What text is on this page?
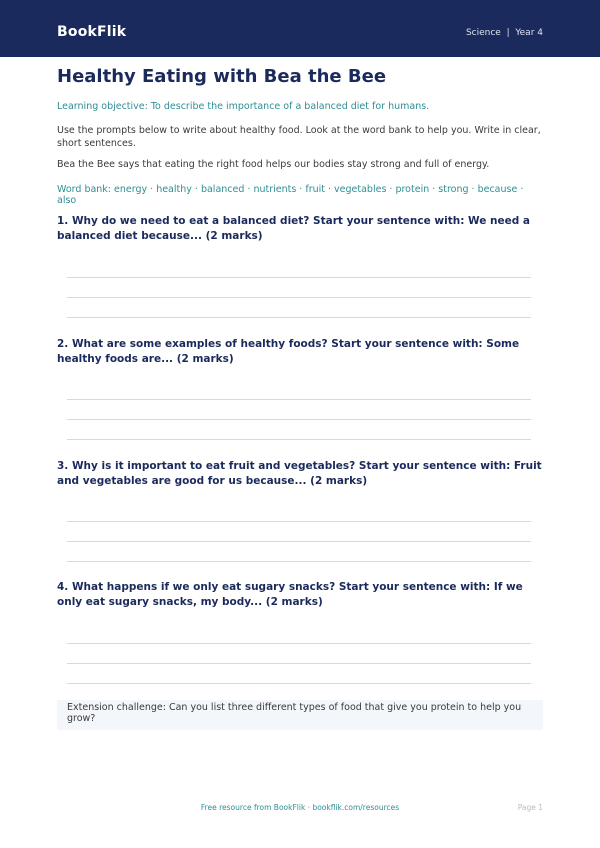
BookFlik	Science | Year 4
Healthy Eating with Bea the Bee
Learning objective: To describe the importance of a balanced diet for humans.
Use the prompts below to write about healthy food. Look at the word bank to help you. Write in clear, short sentences.
Bea the Bee says that eating the right food helps our bodies stay strong and full of energy.
Word bank: energy · healthy · balanced · nutrients · fruit · vegetables · protein · strong · because · also
1. Why do we need to eat a balanced diet? Start your sentence with: We need a balanced diet because... (2 marks)
2. What are some examples of healthy foods? Start your sentence with: Some healthy foods are... (2 marks)
3. Why is it important to eat fruit and vegetables? Start your sentence with: Fruit and vegetables are good for us because... (2 marks)
4. What happens if we only eat sugary snacks? Start your sentence with: If we only eat sugary snacks, my body... (2 marks)
Extension challenge: Can you list three different types of food that give you protein to help you grow?
Free resource from BookFlik · bookflik.com/resources	Page 1
